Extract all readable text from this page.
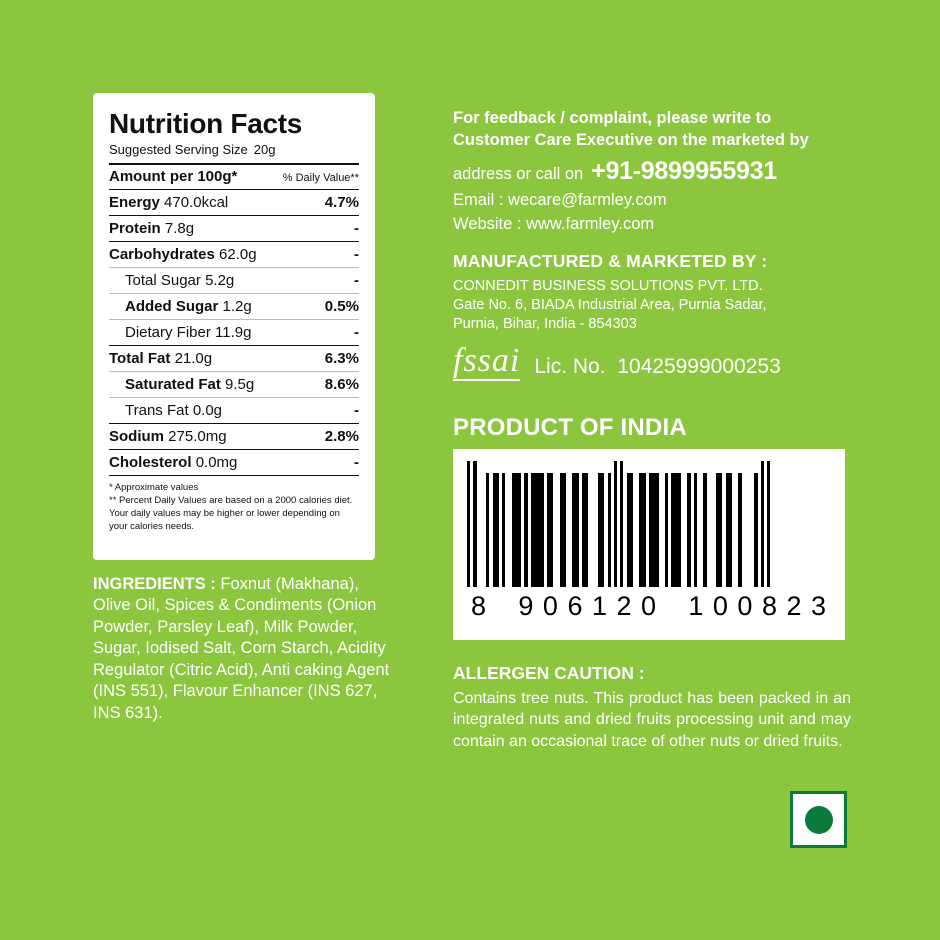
Nutrition Facts
Suggested Serving Size 20g
Amount per 100g*	% Daily Value**
Energy 470.0kcal	4.7%
Protein 7.8g	-
Carbohydrates 62.0g	-
Total Sugar 5.2g	-
Added Sugar 1.2g	0.5%
Dietary Fiber 11.9g	-
Total Fat 21.0g	6.3%
Saturated Fat 9.5g	8.6%
Trans Fat 0.0g	-
Sodium 275.0mg	2.8%
Cholesterol 0.0mg	-
* Approximate values
** Percent Daily Values are based on a 2000 calories diet. Your daily values may be higher or lower depending on your calories needs.
INGREDIENTS : Foxnut (Makhana), Olive Oil, Spices & Condiments (Onion Powder, Parsley Leaf), Milk Powder, Sugar, Iodised Salt, Corn Starch, Acidity Regulator (Citric Acid), Anti caking Agent (INS 551), Flavour Enhancer (INS 627, INS 631).
For feedback / complaint, please write to
Customer Care Executive on the marketed by
address or call on +91-9899955931
Email : wecare@farmley.com
Website : www.farmley.com
MANUFACTURED & MARKETED BY :
CONNEDIT BUSINESS SOLUTIONS PVT. LTD.
Gate No. 6, BIADA Industrial Area, Purnia Sadar,
Purnia, Bihar, India - 854303
fssai Lic. No. 10425999000253
PRODUCT OF INDIA
8 9 0 6 1 2 0 1 0 0 8 2 3
ALLERGEN CAUTION :
Contains tree nuts. This product has been packed in an integrated nuts and dried fruits processing unit and may contain an occasional trace of other nuts or dried fruits.
